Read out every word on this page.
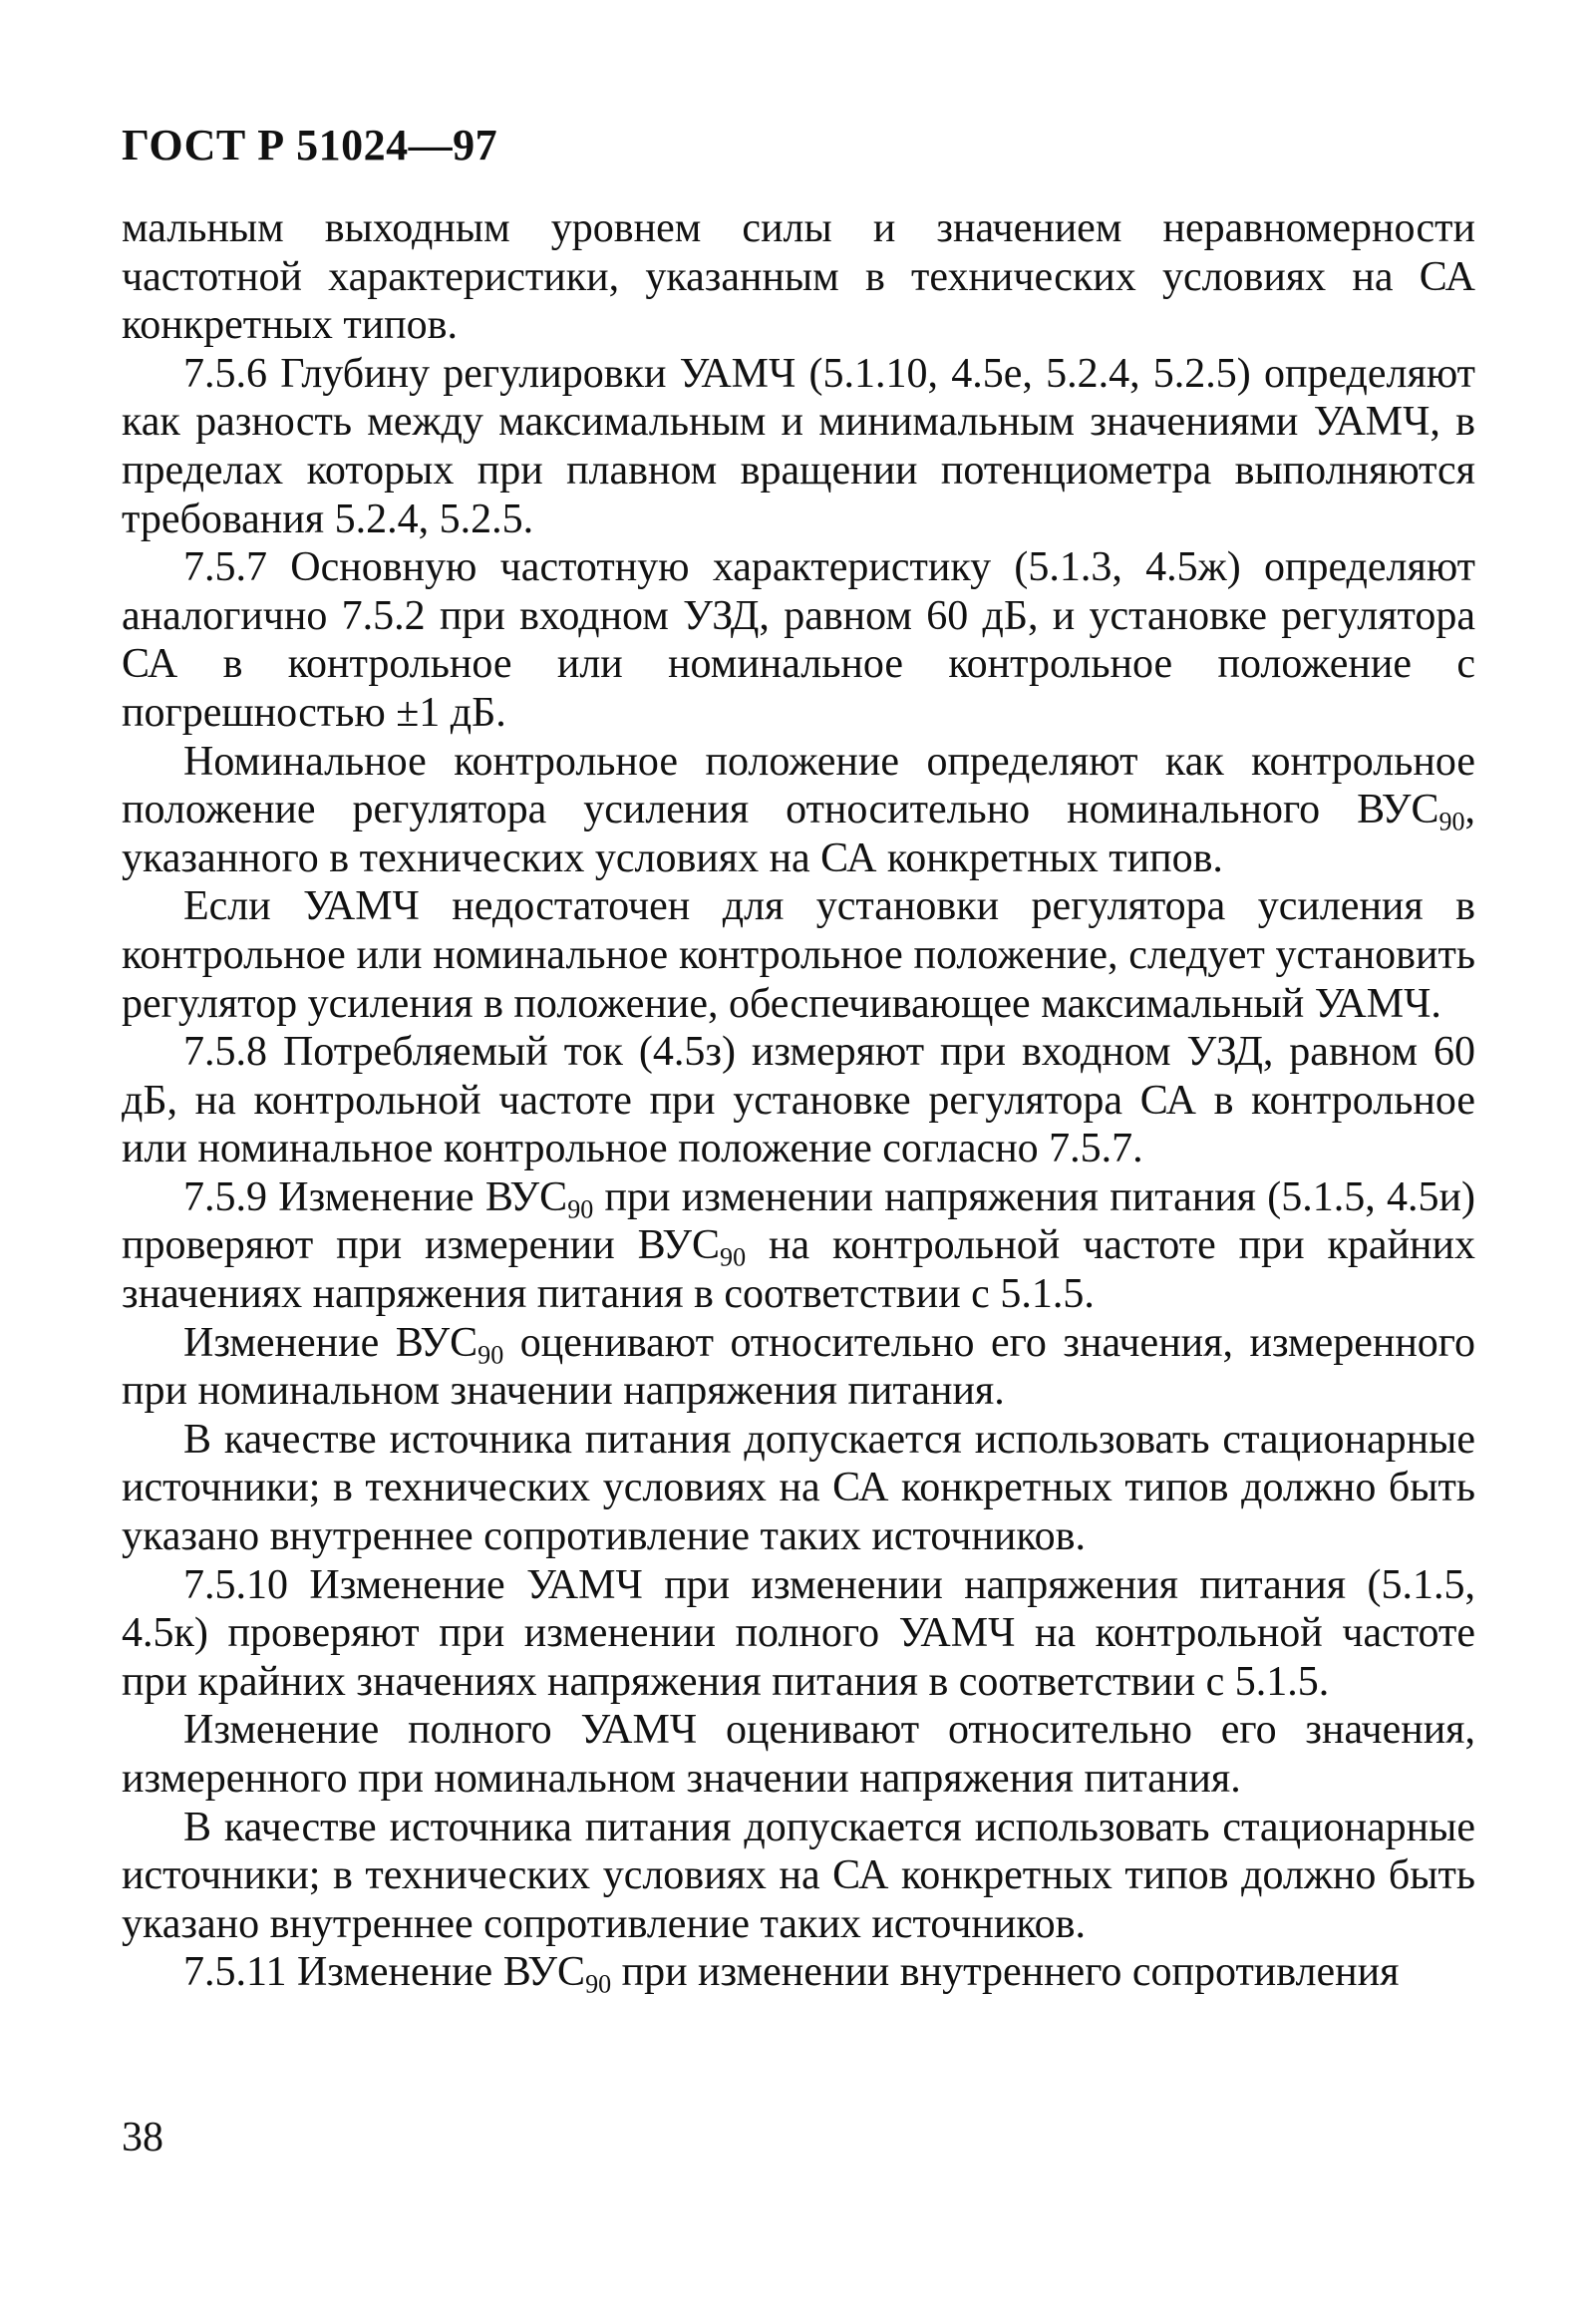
ГОСТ Р 51024—97

мальным выходным уровнем силы и значением неравномерности частотной характеристики, указанным в технических условиях на СА конкретных типов.

7.5.6 Глубину регулировки УАМЧ (5.1.10, 4.5е, 5.2.4, 5.2.5) определяют как разность между максимальным и минимальным значениями УАМЧ, в пределах которых при плавном вращении потенциометра выполняются требования 5.2.4, 5.2.5.

7.5.7 Основную частотную характеристику (5.1.3, 4.5ж) определяют аналогично 7.5.2 при входном УЗД, равном 60 дБ, и установке регулятора СА в контрольное или номинальное контрольное положение с погрешностью ±1 дБ.

Номинальное контрольное положение определяют как контрольное положение регулятора усиления относительно номинального $ВУС_{90}$, указанного в технических условиях на СА конкретных типов.

Если УАМЧ недостаточен для установки регулятора усиления в контрольное или номинальное контрольное положение, следует установить регулятор усиления в положение, обеспечивающее максимальный УАМЧ.

7.5.8 Потребляемый ток (4.5з) измеряют при входном УЗД, равном 60 дБ, на контрольной частоте при установке регулятора СА в контрольное или номинальное контрольное положение согласно 7.5.7.

7.5.9 Изменение $ВУС_{90}$ при изменении напряжения питания (5.1.5, 4.5и) проверяют при измерении $ВУС_{90}$ на контрольной частоте при крайних значениях напряжения питания в соответствии с 5.1.5.

Изменение $ВУС_{90}$ оценивают относительно его значения, измеренного при номинальном значении напряжения питания.

В качестве источника питания допускается использовать стационарные источники; в технических условиях на СА конкретных типов должно быть указано внутреннее сопротивление таких источников.

7.5.10 Изменение УАМЧ при изменении напряжения питания (5.1.5, 4.5к) проверяют при изменении полного УАМЧ на контрольной частоте при крайних значениях напряжения питания в соответствии с 5.1.5.

Изменение полного УАМЧ оценивают относительно его значения, измеренного при номинальном значении напряжения питания.

В качестве источника питания допускается использовать стационарные источники; в технических условиях на СА конкретных типов должно быть указано внутреннее сопротивление таких источников.

7.5.11 Изменение $ВУС_{90}$ при изменении внутреннего сопротивления

38
